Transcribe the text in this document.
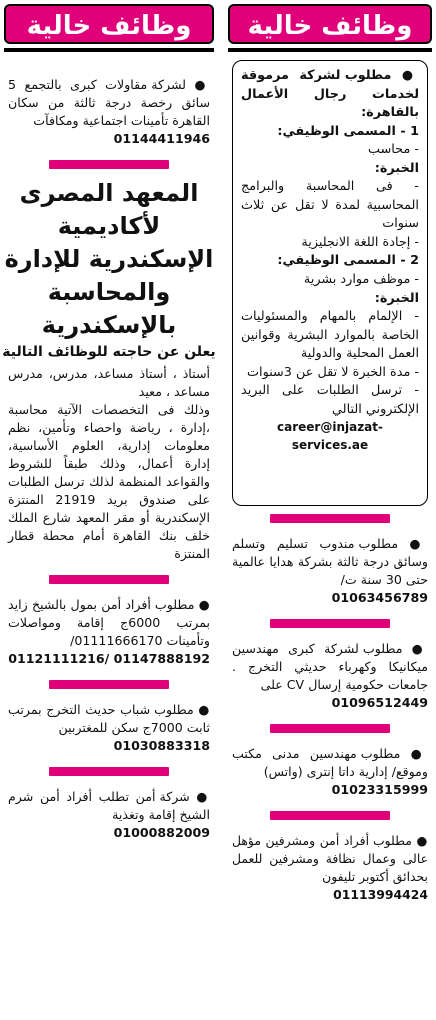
وظائف خالية

● مطلوب لشركة مرموقة لخدمات رجال الأعمال بالقاهرة:

1 - المسمى الوظيفي:

- محاسب

الخبرة:

- فى المحاسبة والبرامج المحاسبية لمدة لا تقل عن ثلاث سنوات

- إجادة اللغة الانجليزية

2 - المسمى الوظيفي:

- موظف موارد بشرية

الخبرة:

- الإلمام بالمهام والمسئوليات الخاصة بالموارد البشرية وقوانين العمل المحلية والدولية

- مدة الخبرة لا تقل عن 3سنوات

- ترسل الطلبات على البريد الإلكتروني التالي

career@injazat-services.ae

● مطلوب مندوب تسليم وتسلم وسائق درجة ثالثة بشركة هدايا عالمية حتى 30 سنة ت/

01063456789

● مطلوب لشركة كبرى مهندسين ميكانيكا وكهرباء حديثي التخرج . جامعات حكومية إرسال CV على

01096512449

● مطلوب مهندسين مدنى مكتب وموقع/ إدارية داتا إنترى (واتس)

01023315999

● مطلوب أفراد أمن ومشرفين مؤهل عالى وعمال نظافة ومشرفين للعمل بحدائق أكتوبر تليفون

01113994424

وظائف خالية

● لشركة مقاولات كبرى بالتجمع 5 سائق رخصة درجة ثالثة من سكان القاهرة تأمينات اجتماعية ومكافآت

01144411946

المعهد المصرى لأكاديمية الإسكندرية للإدارة والمحاسبة بالإسكندرية
يعلن عن حاجته للوظائف التالية

أستاذ ، أستاذ مساعد، مدرس، مدرس مساعد ، معيد

وذلك فى التخصصات الآتية محاسبة ،إدارة ، رياضة واحصاء وتأمين، نظم معلومات إدارية، العلوم الأساسية، إدارة أعمال، وذلك طبقاً للشروط والقواعد المنظمة لذلك ترسل الطلبات على صندوق بريد 21919 المنتزة الإسكندرية أو مقر المعهد شارع الملك خلف بنك القاهرة أمام محطة قطار المنتزة

● مطلوب أفراد أمن بمول بالشيخ زايد بمرتب 6000ج إقامة ومواصلات وتأمينات 01111666170/

01121111216/ 01147888192

● مطلوب شباب حديث التخرج بمرتب ثابت 7000ج سكن للمغتربين

01030883318

● شركة أمن تطلب أفراد أمن شرم الشيخ إقامة وتغذية

01000882009
